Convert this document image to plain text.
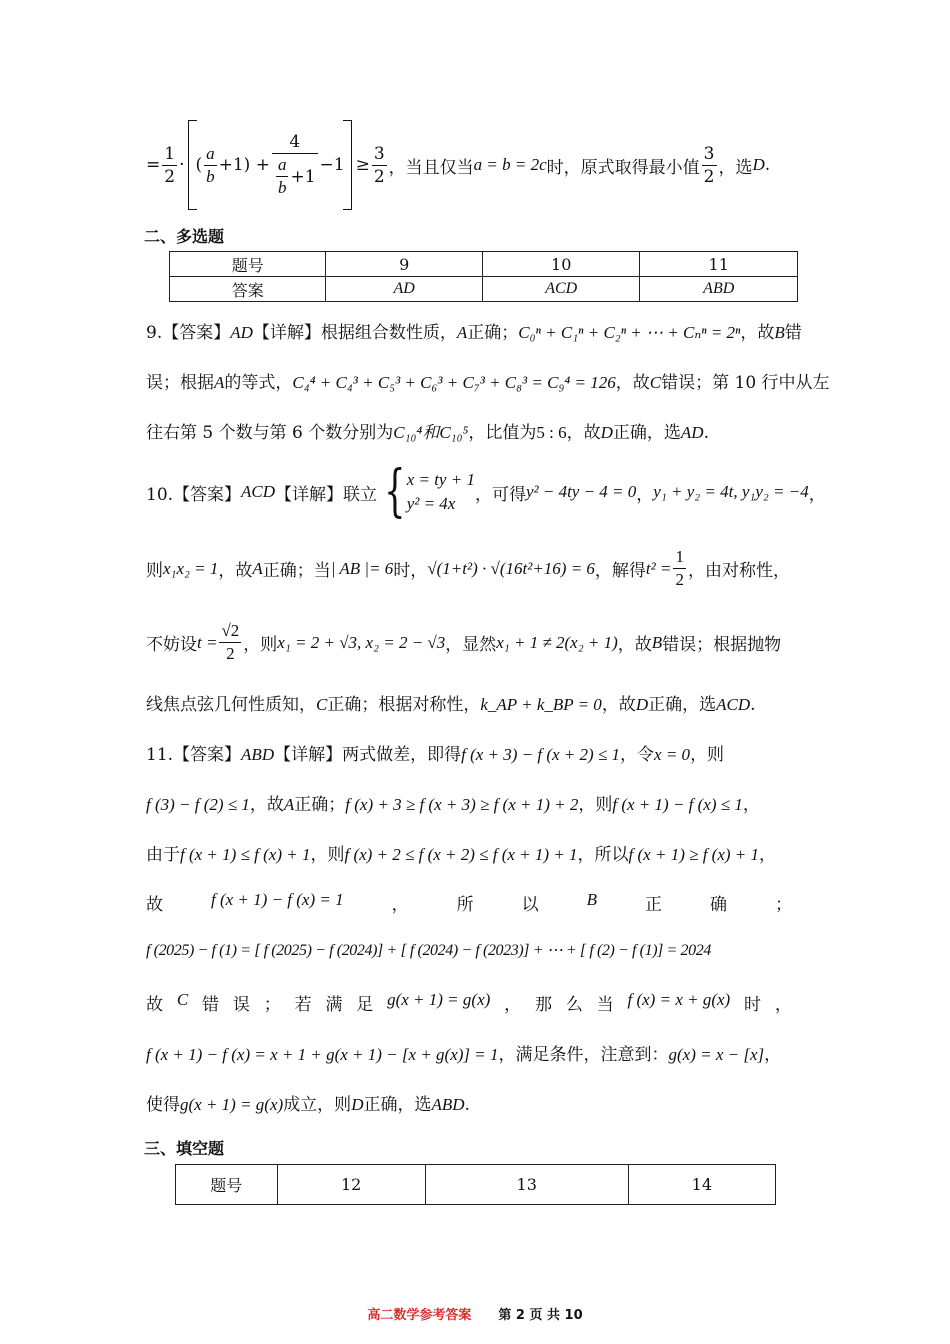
= $\frac{1}{2}$ · ( $\frac{a}{b} +1) + \frac{4}{\frac{a}{b} +1} -1 \ge \frac{3}{2}$ ，当且仅当 a = b = 2c 时，原式取得最小值 $\frac{3}{2}$ ，选 D .
二、多选题
题号	9	10	11
答案	AD	ACD	ABD
9.【答案】AD【详解】根据组合数性质，A正确；C₀ⁿ + C₁ⁿ + C₂ⁿ + ⋯ + Cₙⁿ = 2ⁿ，故B错
误；根据A的等式，C₄⁴ + C₄³ + C₅³ + C₆³ + C₇³ + C₈³ = C₉⁴ = 126，故C错误；第 10 行中从左
往右第 5 个数与第 6 个数分别为C₁₀⁴和C₁₀⁵，比值为5 : 6，故D正确，选AD.
10.【答案】 ACD 【详解】联立 { x = ty + 1
y² = 4x	，可得 y² − 4ty − 4 = 0 ， y₁ + y₂ = 4t, y₁y₂ = −4 ，
则 x₁x₂ = 1 ，故 A 正确；当 | AB |= 6 时， √(1+t²) · √(16t²+16) = 6 ，解得 $t^2 = \frac{1}{2}$ ，由对称性，
不妨设 $t = \frac{√2}{2}$ ，则 x₁ = 2 + √3, x₂ = 2 − √3 ，显然 x₁ + 1 ≠ 2(x₂ + 1) ，故 B 错误；根据抛物
线焦点弦几何性质知，C正确；根据对称性，k_AP + k_BP = 0，故D正确，选ACD.
11.【答案】ABD【详解】两式做差，即得f (x + 3) − f (x + 2) ≤ 1，令x = 0，则
f (3) − f (2) ≤ 1，故A正确；f (x) + 3 ≥ f (x + 3) ≥ f (x + 1) + 2，则f (x + 1) − f (x) ≤ 1，
由于f (x + 1) ≤ f (x) + 1，则f (x) + 2 ≤ f (x + 2) ≤ f (x + 1) + 1，所以f (x + 1) ≥ f (x) + 1，
故	f (x + 1) − f (x) = 1	，	所	以	B	正	确	；
f (2025) − f (1) = [ f (2025) − f (2024)] + [ f (2024) − f (2023)] + ⋯ + [ f (2) − f (1)] = 2024
故 C 错 误 ； 若 满 足 g(x + 1) = g(x) ， 那 么 当 f (x) = x + g(x) 时 ，
f (x + 1) − f (x) = x + 1 + g(x + 1) − [x + g(x)] = 1，满足条件，注意到：g(x) = x − [x]，
使得g(x + 1) = g(x)成立，则D正确，选ABD.
三、填空题
题号	12	13	14
高二数学参考答案 第 2 页 共 10
